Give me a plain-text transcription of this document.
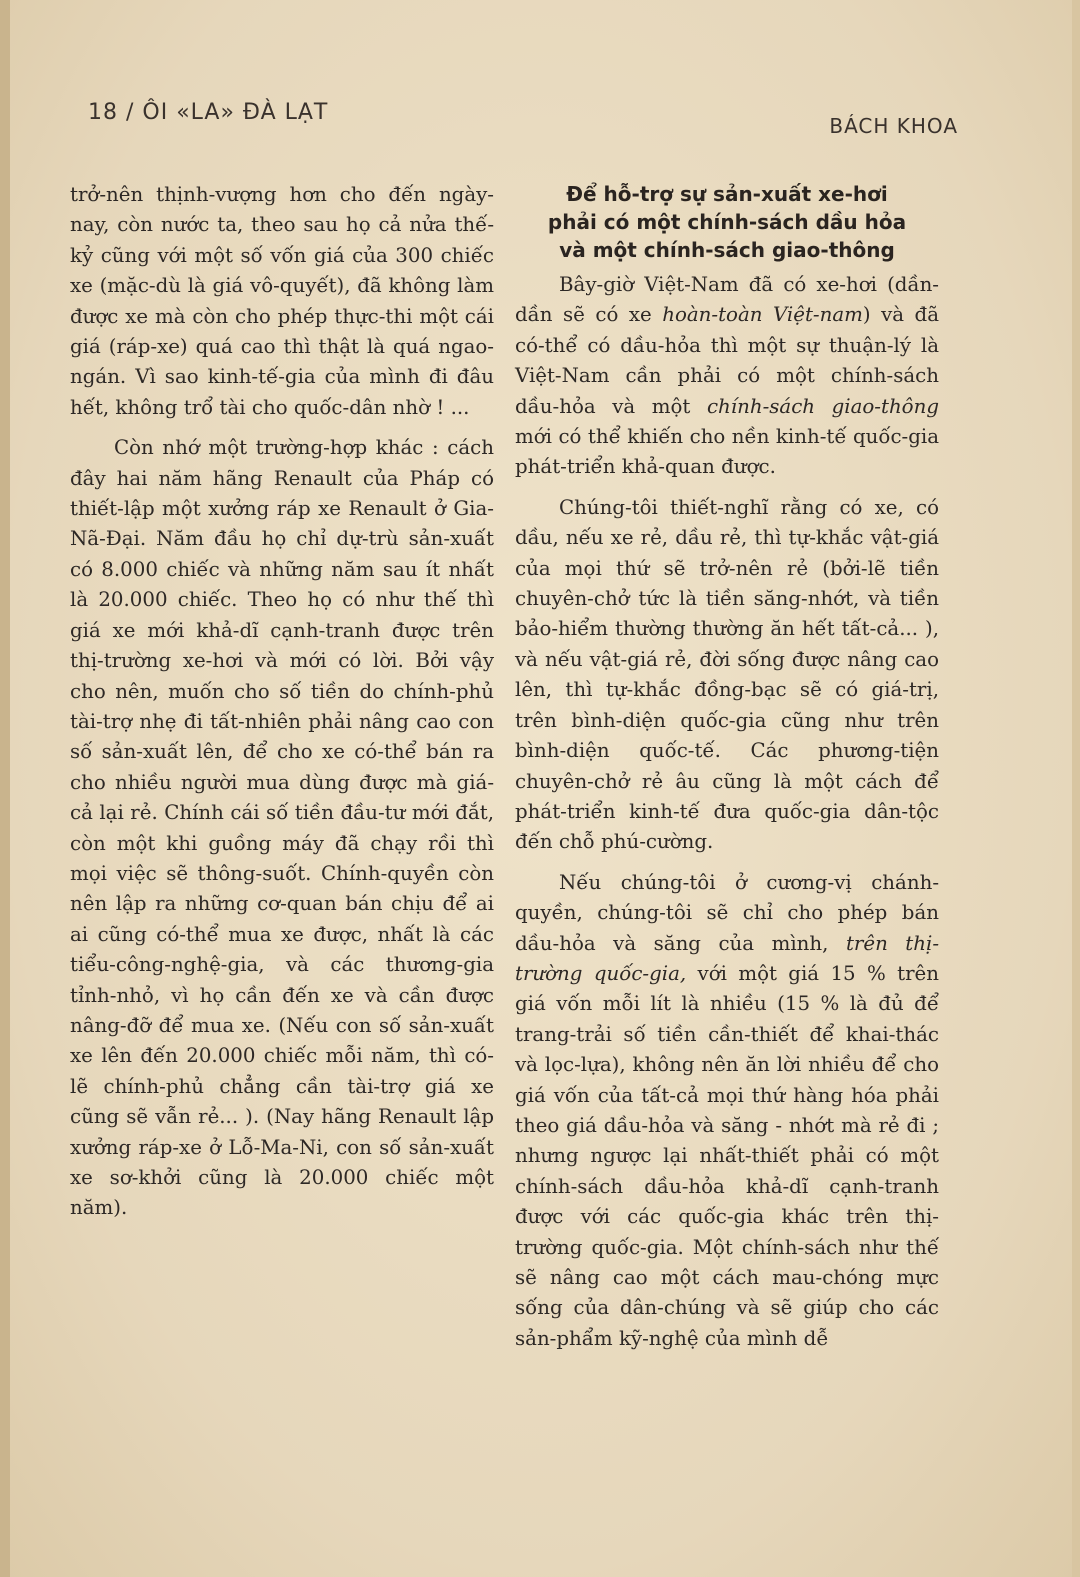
18 / ÔI «LA» ĐÀ LẠT
BÁCH KHOA

trở-nên thịnh-vượng hơn cho đến ngày-nay, còn nước ta, theo sau họ cả nửa thế-kỷ cũng với một số vốn giá của 300 chiếc xe (mặc-dù là giá vô-quyết), đã không làm được xe mà còn cho phép thực-thi một cái giá (ráp-xe) quá cao thì thật là quá ngao-ngán. Vì sao kinh-tế-gia của mình đi đâu hết, không trổ tài cho quốc-dân nhờ ! ...

Còn nhớ một trường-hợp khác : cách đây hai năm hãng Renault của Pháp có thiết-lập một xưởng ráp xe Renault ở Gia-Nã-Đại. Năm đầu họ chỉ dự-trù sản-xuất có 8.000 chiếc và những năm sau ít nhất là 20.000 chiếc. Theo họ có như thế thì giá xe mới khả-dĩ cạnh-tranh được trên thị-trường xe-hơi và mới có lời. Bởi vậy cho nên, muốn cho số tiền do chính-phủ tài-trợ nhẹ đi tất-nhiên phải nâng cao con số sản-xuất lên, để cho xe có-thể bán ra cho nhiều người mua dùng được mà giá-cả lại rẻ. Chính cái số tiền đầu-tư mới đắt, còn một khi guồng máy đã chạy rồi thì mọi việc sẽ thông-suốt. Chính-quyền còn nên lập ra những cơ-quan bán chịu để ai ai cũng có-thể mua xe được, nhất là các tiểu-công-nghệ-gia, và các thương-gia tỉnh-nhỏ, vì họ cần đến xe và cần được nâng-đỡ để mua xe. (Nếu con số sản-xuất xe lên đến 20.000 chiếc mỗi năm, thì có-lẽ chính-phủ chẳng cần tài-trợ giá xe cũng sẽ vẫn rẻ... ). (Nay hãng Renault lập xưởng ráp-xe ở Lỗ-Ma-Ni, con số sản-xuất xe sơ-khởi cũng là 20.000 chiếc một năm).

Để hỗ-trợ sự sản-xuất xe-hơi
phải có một chính-sách dầu hỏa
và một chính-sách giao-thông

Bây-giờ Việt-Nam đã có xe-hơi (dần-dần sẽ có xe hoàn-toàn Việt-nam) và đã có-thể có dầu-hỏa thì một sự thuận-lý là Việt-Nam cần phải có một chính-sách dầu-hỏa và một chính-sách giao-thông mới có thể khiến cho nền kinh-tế quốc-gia phát-triển khả-quan được.

Chúng-tôi thiết-nghĩ rằng có xe, có dầu, nếu xe rẻ, dầu rẻ, thì tự-khắc vật-giá của mọi thứ sẽ trở-nên rẻ (bởi-lẽ tiền chuyên-chở tức là tiền săng-nhớt, và tiền bảo-hiểm thường thường ăn hết tất-cả... ), và nếu vật-giá rẻ, đời sống được nâng cao lên, thì tự-khắc đồng-bạc sẽ có giá-trị, trên bình-diện quốc-gia cũng như trên bình-diện quốc-tế. Các phương-tiện chuyên-chở rẻ âu cũng là một cách để phát-triển kinh-tế đưa quốc-gia dân-tộc đến chỗ phú-cường.

Nếu chúng-tôi ở cương-vị chánh-quyền, chúng-tôi sẽ chỉ cho phép bán dầu-hỏa và săng của mình, trên thị-trường quốc-gia, với một giá 15 % trên giá vốn mỗi lít là nhiều (15 % là đủ để trang-trải số tiền cần-thiết để khai-thác và lọc-lựa), không nên ăn lời nhiều để cho giá vốn của tất-cả mọi thứ hàng hóa phải theo giá dầu-hỏa và săng - nhớt mà rẻ đi ; nhưng ngược lại nhất-thiết phải có một chính-sách dầu-hỏa khả-dĩ cạnh-tranh được với các quốc-gia khác trên thị-trường quốc-gia. Một chính-sách như thế sẽ nâng cao một cách mau-chóng mực sống của dân-chúng và sẽ giúp cho các sản-phẩm kỹ-nghệ của mình dễ
